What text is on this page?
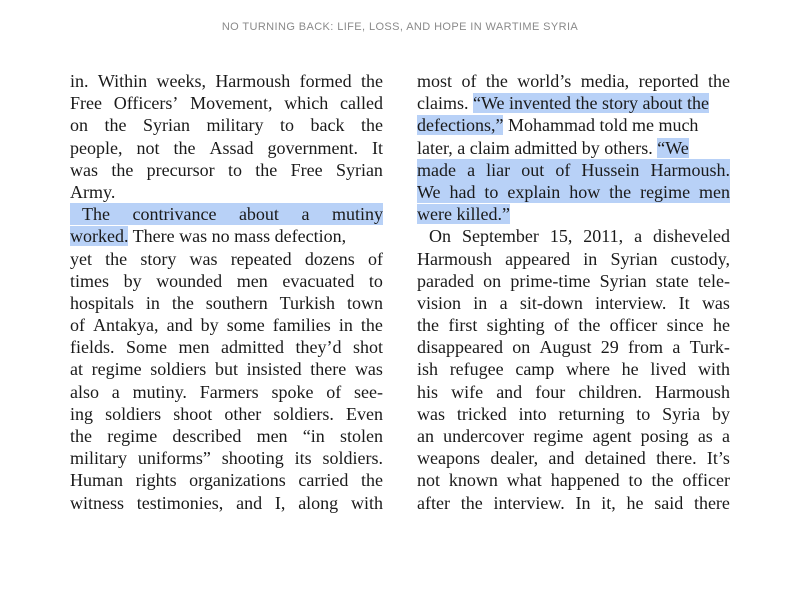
NO TURNING BACK: LIFE, LOSS, AND HOPE IN WARTIME SYRIA
in. Within weeks, Harmoush formed the
Free Officers’ Movement, which called
on the Syrian military to back the
people, not the Assad government. It
was the precursor to the Free Syrian
Army.
The contrivance about a mutiny
worked. There was no mass defection,
yet the story was repeated dozens of
times by wounded men evacuated to
hospitals in the southern Turkish town
of Antakya, and by some families in the
fields. Some men admitted they’d shot
at regime soldiers but insisted there was
also a mutiny. Farmers spoke of see-
ing soldiers shoot other soldiers. Even
the regime described men “in stolen
military uniforms” shooting its soldiers.
Human rights organizations carried the
witness testimonies, and I, along with
most of the world’s media, reported the
claims. “We invented the story about the
defections,” Mohammad told me much
later, a claim admitted by others. “We
made a liar out of Hussein Harmoush.
We had to explain how the regime men
were killed.”
On September 15, 2011, a disheveled
Harmoush appeared in Syrian custody,
paraded on prime-time Syrian state tele-
vision in a sit-down interview. It was
the first sighting of the officer since he
disappeared on August 29 from a Turk-
ish refugee camp where he lived with
his wife and four children. Harmoush
was tricked into returning to Syria by
an undercover regime agent posing as a
weapons dealer, and detained there. It’s
not known what happened to the officer
after the interview. In it, he said there
